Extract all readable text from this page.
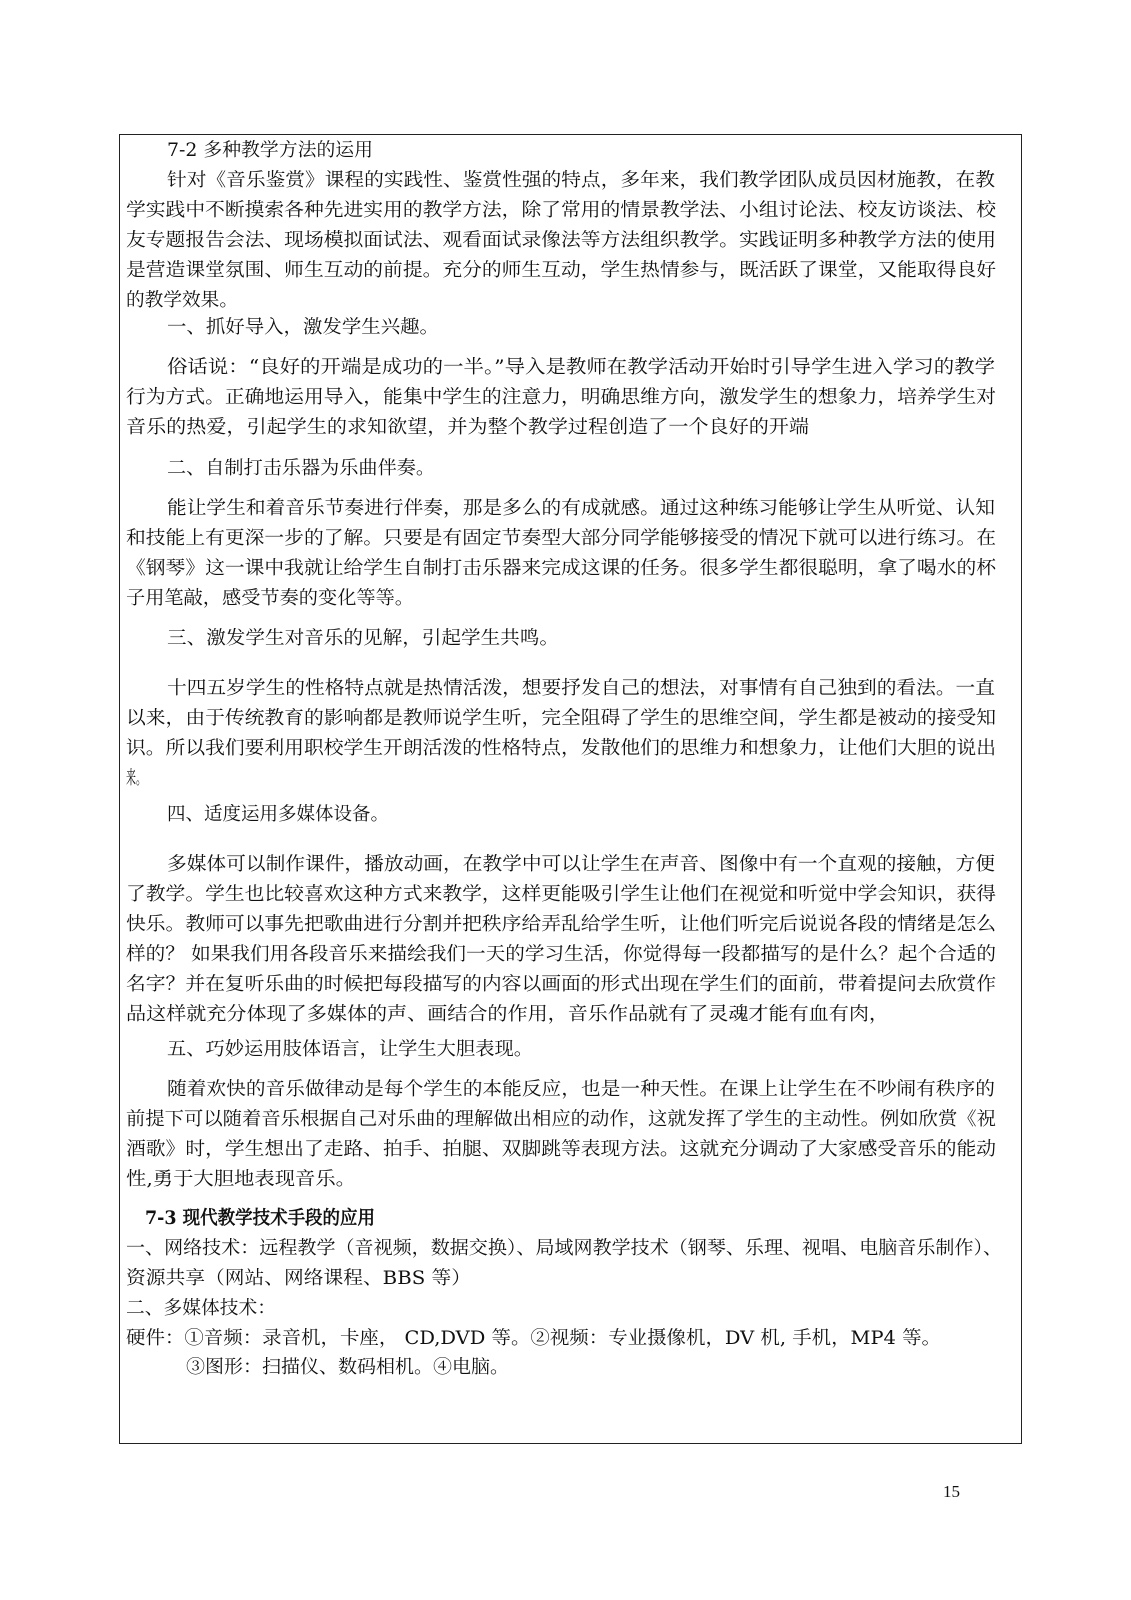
7-2 多种教学方法的运用
针对《音乐鉴赏》课程的实践性、鉴赏性强的特点，多年来，我们教学团队成员因材施教，在教
学实践中不断摸索各种先进实用的教学方法，除了常用的情景教学法、小组讨论法、校友访谈法、校
友专题报告会法、现场模拟面试法、观看面试录像法等方法组织教学。实践证明多种教学方法的使用
是营造课堂氛围、师生互动的前提。充分的师生互动，学生热情参与，既活跃了课堂，又能取得良好
的教学效果。
一、抓好导入，激发学生兴趣。
俗话说：“良好的开端是成功的一半。”导入是教师在教学活动开始时引导学生进入学习的教学
行为方式。正确地运用导入，能集中学生的注意力，明确思维方向，激发学生的想象力，培养学生对
音乐的热爱，引起学生的求知欲望，并为整个教学过程创造了一个良好的开端
二、自制打击乐器为乐曲伴奏。
能让学生和着音乐节奏进行伴奏，那是多么的有成就感。通过这种练习能够让学生从听觉、认知
和技能上有更深一步的了解。只要是有固定节奏型大部分同学能够接受的情况下就可以进行练习。在
《钢琴》这一课中我就让给学生自制打击乐器来完成这课的任务。很多学生都很聪明，拿了喝水的杯
子用笔敲，感受节奏的变化等等。
三、激发学生对音乐的见解，引起学生共鸣。
十四五岁学生的性格特点就是热情活泼，想要抒发自己的想法，对事情有自己独到的看法。一直
以来，由于传统教育的影响都是教师说学生听，完全阻碍了学生的思维空间，学生都是被动的接受知
识。所以我们要利用职校学生开朗活泼的性格特点，发散他们的思维力和想象力，让他们大胆的说出
来。
四、适度运用多媒体设备。
多媒体可以制作课件，播放动画，在教学中可以让学生在声音、图像中有一个直观的接触，方便
了教学。学生也比较喜欢这种方式来教学，这样更能吸引学生让他们在视觉和听觉中学会知识，获得
快乐。教师可以事先把歌曲进行分割并把秩序给弄乱给学生听，让他们听完后说说各段的情绪是怎么
样的？ 如果我们用各段音乐来描绘我们一天的学习生活，你觉得每一段都描写的是什么？起个合适的
名字？并在复听乐曲的时候把每段描写的内容以画面的形式出现在学生们的面前，带着提问去欣赏作
品这样就充分体现了多媒体的声、画结合的作用，音乐作品就有了灵魂才能有血有肉，
五、巧妙运用肢体语言，让学生大胆表现。
随着欢快的音乐做律动是每个学生的本能反应，也是一种天性。在课上让学生在不吵闹有秩序的
前提下可以随着音乐根据自己对乐曲的理解做出相应的动作，这就发挥了学生的主动性。例如欣赏《祝
酒歌》时，学生想出了走路、拍手、拍腿、双脚跳等表现方法。这就充分调动了大家感受音乐的能动
性,勇于大胆地表现音乐。
7-3 现代教学技术手段的应用
一、网络技术：远程教学（音视频，数据交换）、局域网教学技术（钢琴、乐理、视唱、电脑音乐制作）、
资源共享（网站、网络课程、BBS 等）
二、多媒体技术：
硬件：①音频：录音机，卡座， CD,DVD 等。②视频：专业摄像机，DV 机, 手机，MP4 等。
③图形：扫描仪、数码相机。④电脑。
15
